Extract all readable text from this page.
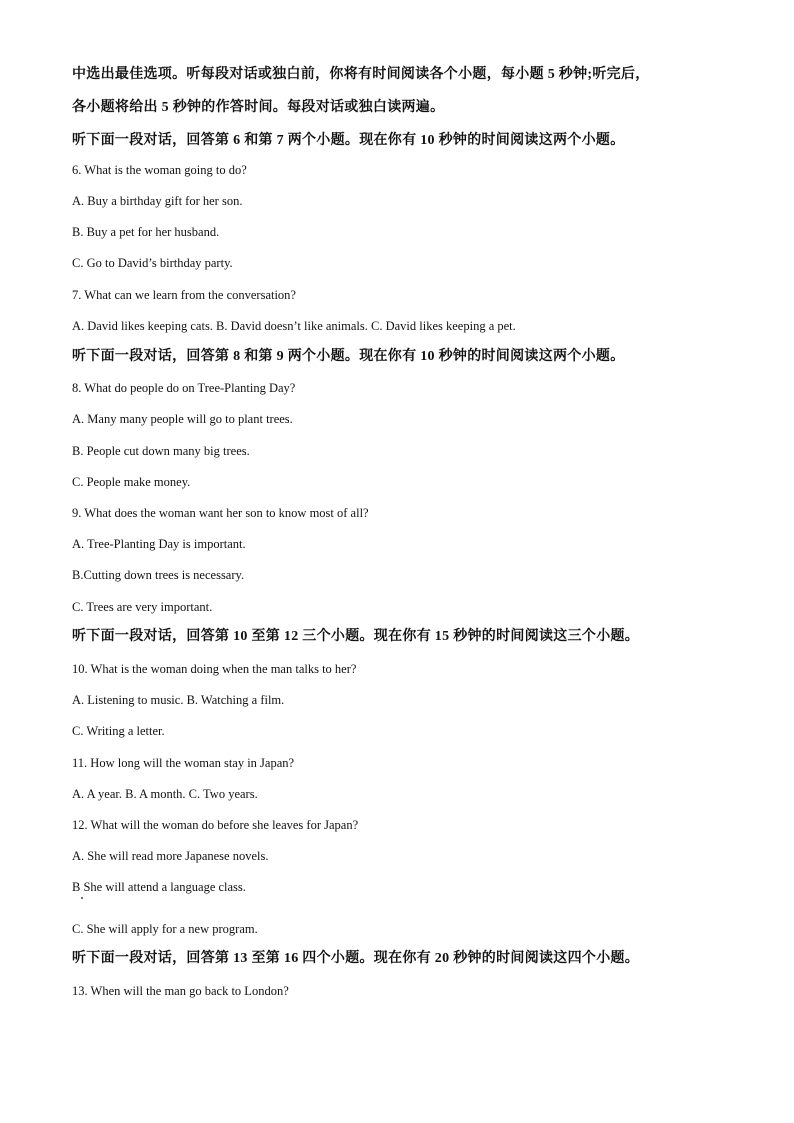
中选出最佳选项。听每段对话或独白前，你将有时间阅读各个小题，每小题 5 秒钟;听完后，
各小题将给出 5 秒钟的作答时间。每段对话或独白读两遍。
听下面一段对话，回答第 6 和第 7 两个小题。现在你有 10 秒钟的时间阅读这两个小题。
6. What is the woman going to do?
A. Buy a birthday gift for her son.
B. Buy a pet for her husband.
C. Go to David’s birthday party.
7. What can we learn from the conversation?
A. David likes keeping cats. B. David doesn’t like animals. C. David likes keeping a pet.
听下面一段对话，回答第 8 和第 9 两个小题。现在你有 10 秒钟的时间阅读这两个小题。
8. What do people do on Tree-Planting Day?
A. Many many people will go to plant trees.
B. People cut down many big trees.
C. People make money.
9. What does the woman want her son to know most of all?
A. Tree-Planting Day is important.
B.Cutting down trees is necessary.
C. Trees are very important.
听下面一段对话，回答第 10 至第 12 三个小题。现在你有 15 秒钟的时间阅读这三个小题。
10. What is the woman doing when the man talks to her?
A. Listening to music. B. Watching a film.
C. Writing a letter.
11. How long will the woman stay in Japan?
A. A year. B. A month. C. Two years.
12. What will the woman do before she leaves for Japan?
A. She will read more Japanese novels.
B She will attend a language class.
C. She will apply for a new program.
听下面一段对话，回答第 13 至第 16 四个小题。现在你有 20 秒钟的时间阅读这四个小题。
13. When will the man go back to London?
